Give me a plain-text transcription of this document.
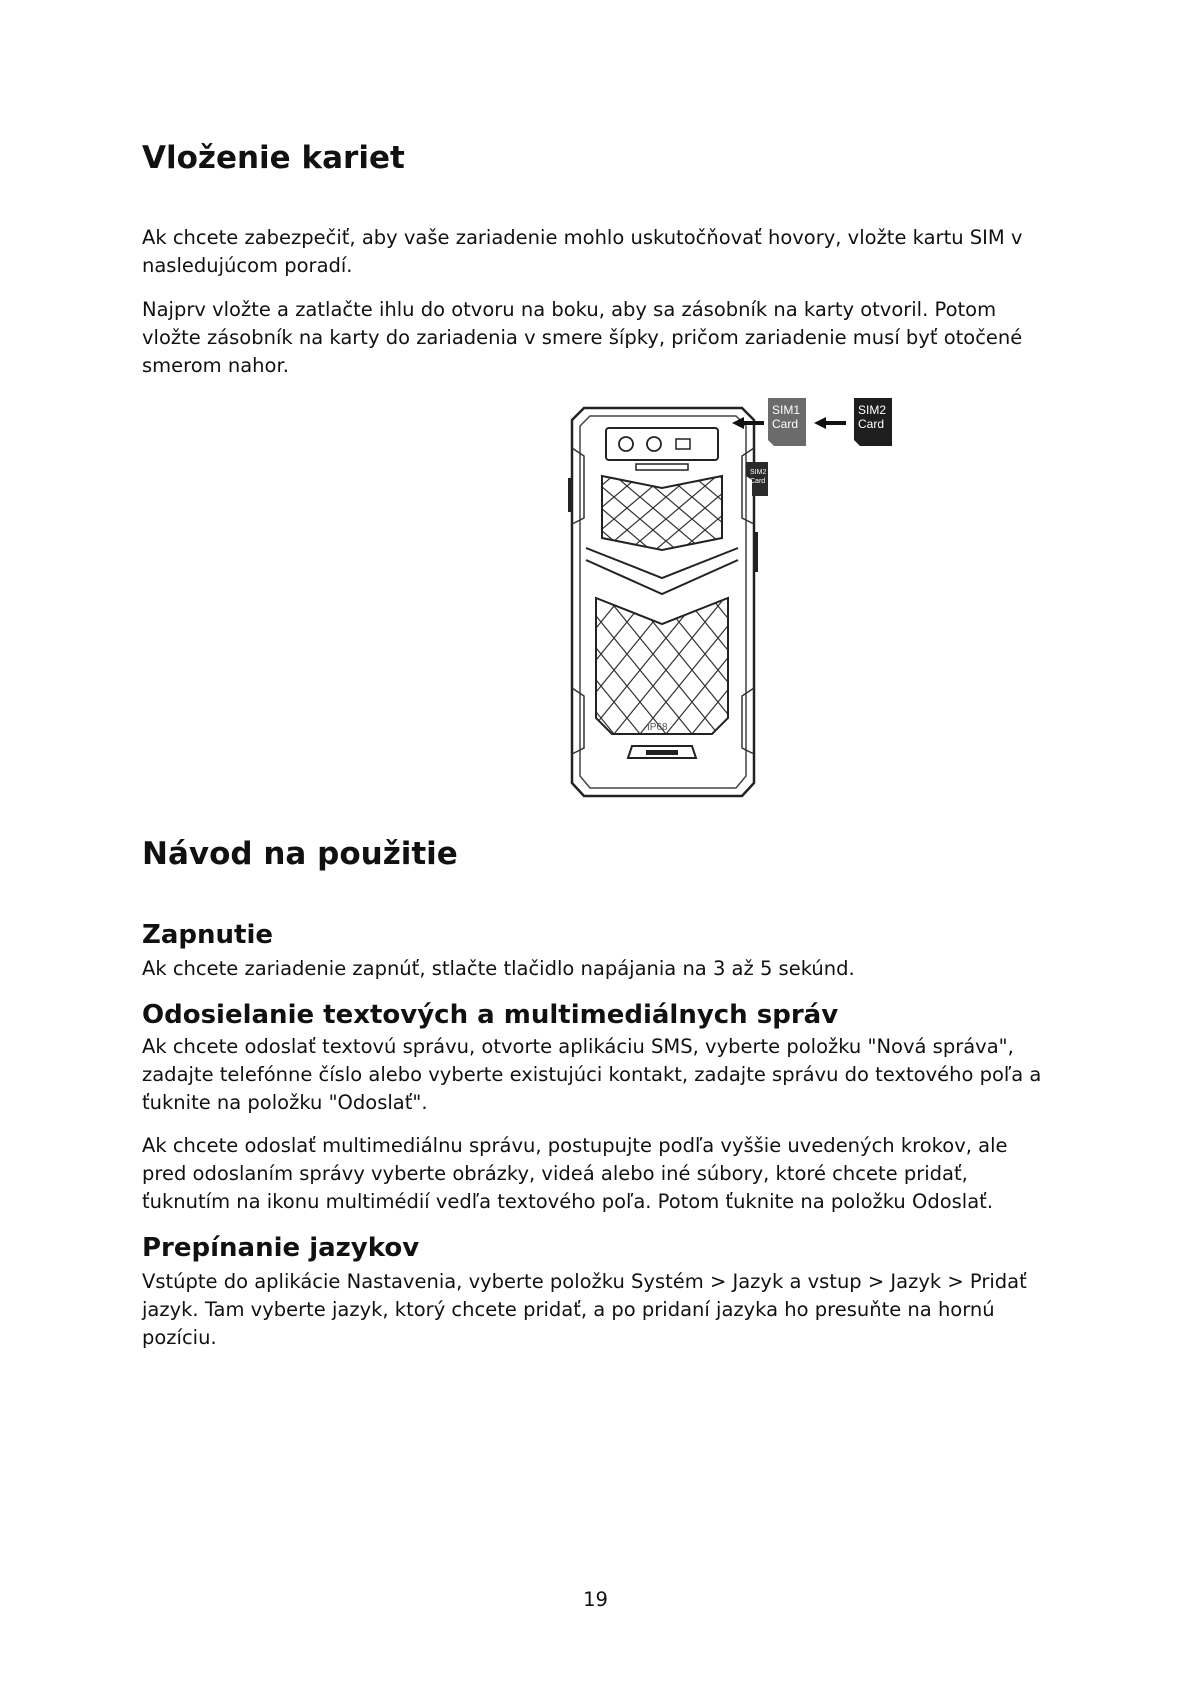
Vloženie kariet

Ak chcete zabezpečiť, aby vaše zariadenie mohlo uskutočňovať hovory, vložte kartu SIM v nasledujúcom poradí.

Najprv vložte a zatlačte ihlu do otvoru na boku, aby sa zásobník na karty otvoril. Potom vložte zásobník na karty do zariadenia v smere šípky, pričom zariadenie musí byť otočené smerom nahor.

IP68
SIM1
Card
SIM2
Card
SIM2
Card
Návod na použitie
Zapnutie

Ak chcete zariadenie zapnúť, stlačte tlačidlo napájania na 3 až 5 sekúnd.

Odosielanie textových a multimediálnych správ

Ak chcete odoslať textovú správu, otvorte aplikáciu SMS, vyberte položku "Nová správa", zadajte telefónne číslo alebo vyberte existujúci kontakt, zadajte správu do textového poľa a ťuknite na položku "Odoslať".

Ak chcete odoslať multimediálnu správu, postupujte podľa vyššie uvedených krokov, ale pred odoslaním správy vyberte obrázky, videá alebo iné súbory, ktoré chcete pridať, ťuknutím na ikonu multimédií vedľa textového poľa. Potom ťuknite na položku Odoslať.

Prepínanie jazykov

Vstúpte do aplikácie Nastavenia, vyberte položku Systém > Jazyk a vstup > Jazyk > Pridať jazyk. Tam vyberte jazyk, ktorý chcete pridať, a po pridaní jazyka ho presuňte na hornú pozíciu.

19
